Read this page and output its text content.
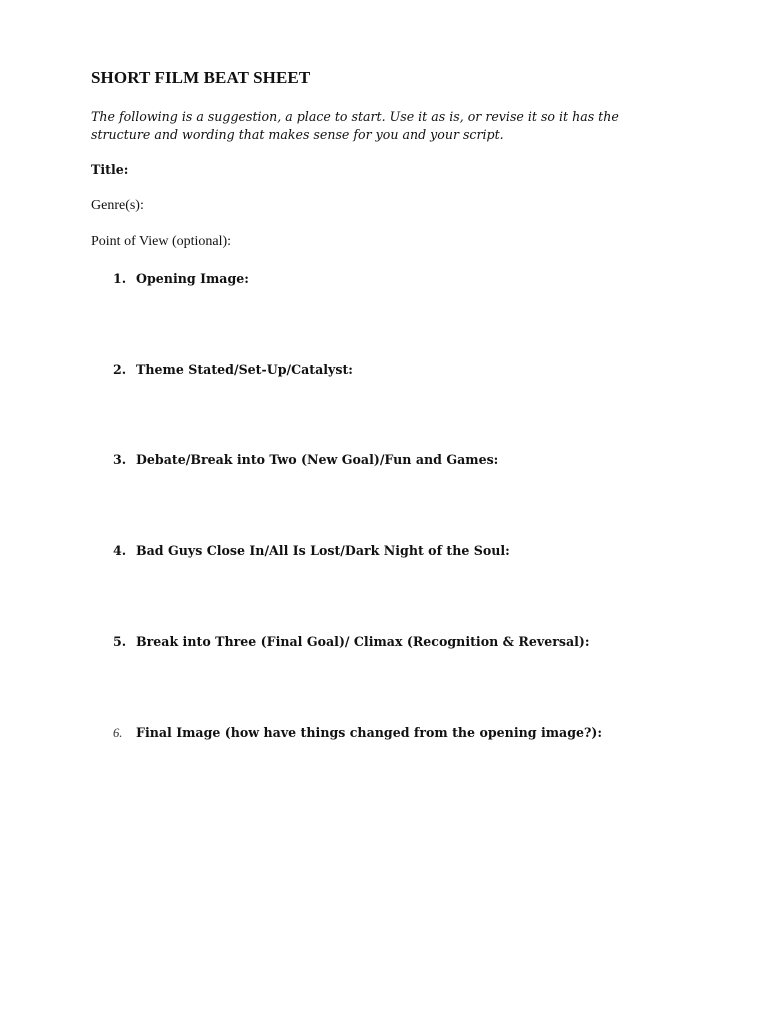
SHORT FILM BEAT SHEET
The following is a suggestion, a place to start. Use it as is, or revise it so it has the structure and wording that makes sense for you and your script.
Title:
Genre(s):
Point of View (optional):
1. Opening Image:
2. Theme Stated/Set-Up/Catalyst:
3. Debate/Break into Two (New Goal)/Fun and Games:
4. Bad Guys Close In/All Is Lost/Dark Night of the Soul:
5. Break into Three (Final Goal)/ Climax (Recognition & Reversal):
6. Final Image (how have things changed from the opening image?):
